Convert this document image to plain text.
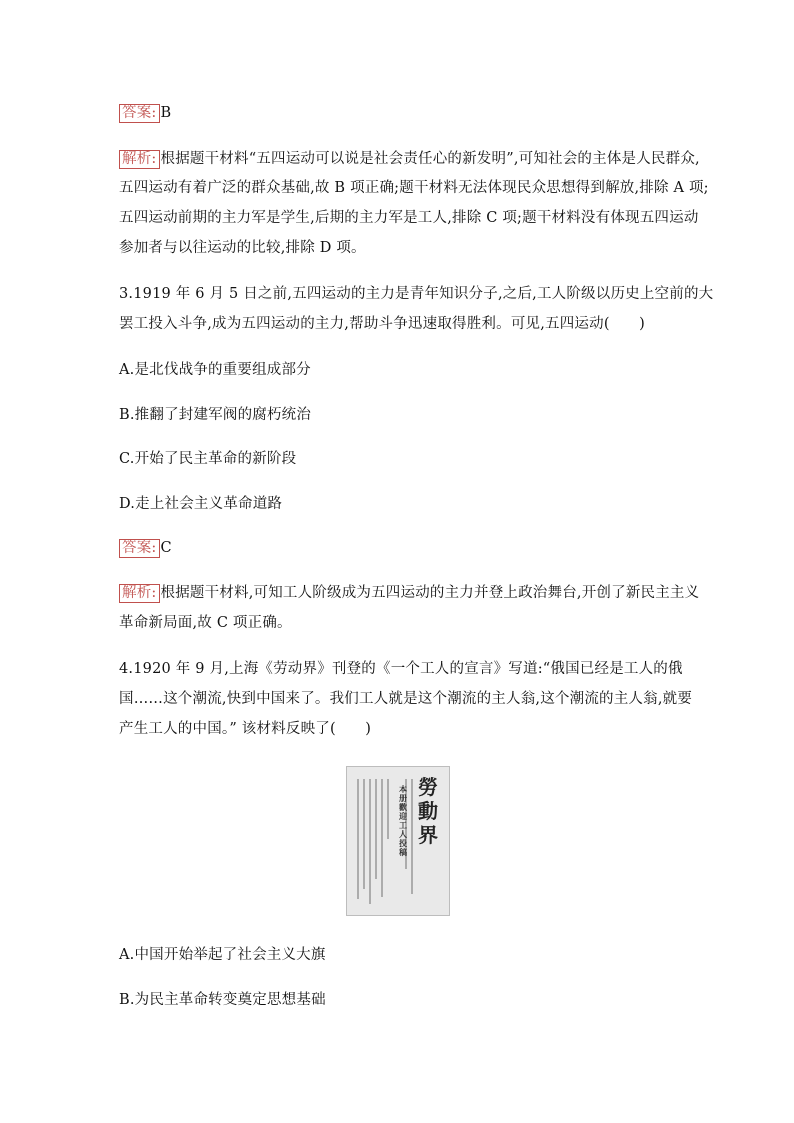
答案: B
解析: 根据题干材料“五四运动可以说是社会责任心的新发明”,可知社会的主体是人民群众,
五四运动有着广泛的群众基础,故 B 项正确;题干材料无法体现民众思想得到解放,排除 A 项;
五四运动前期的主力军是学生,后期的主力军是工人,排除 C 项;题干材料没有体现五四运动
参加者与以往运动的比较,排除 D 项。
3.1919 年 6 月 5 日之前,五四运动的主力是青年知识分子,之后,工人阶级以历史上空前的大
罢工投入斗争,成为五四运动的主力,帮助斗争迅速取得胜利。可见,五四运动(　　)
A.是北伐战争的重要组成部分
B.推翻了封建军阀的腐朽统治
C.开始了民主革命的新阶段
D.走上社会主义革命道路
答案: C
解析: 根据题干材料,可知工人阶级成为五四运动的主力并登上政治舞台,开创了新民主主义
革命新局面,故 C 项正确。
4.1920 年 9 月,上海《劳动界》刊登的《一个工人的宣言》写道:“俄国已经是工人的俄
国……这个潮流,快到中国来了。我们工人就是这个潮流的主人翁,这个潮流的主人翁,就要
产生工人的中国。” 该材料反映了(　　)
本册歡迎工人投稿
勞動界
A.中国开始举起了社会主义大旗
B.为民主革命转变奠定思想基础
